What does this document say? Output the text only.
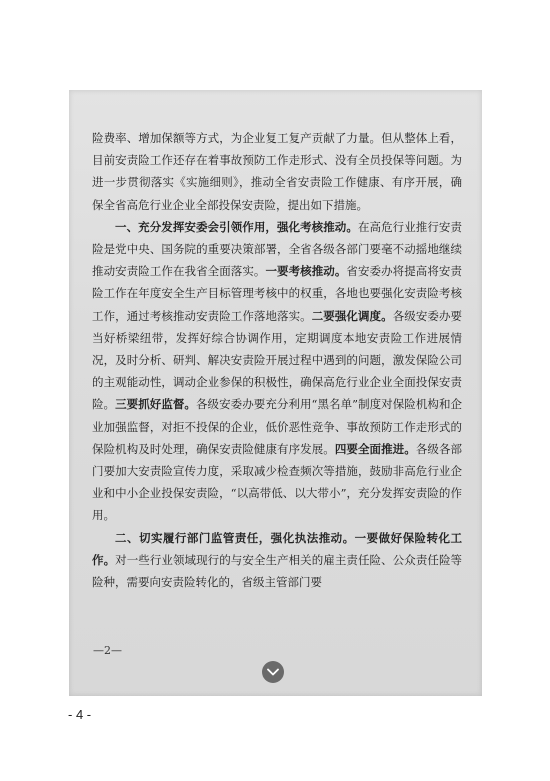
险费率、增加保额等方式，为企业复工复产贡献了力量。但从整体上看，目前安责险工作还存在着事故预防工作走形式、没有全员投保等问题。为进一步贯彻落实《实施细则》，推动全省安责险工作健康、有序开展，确保全省高危行业企业全部投保安责险，提出如下措施。

一、充分发挥安委会引领作用，强化考核推动。在高危行业推行安责险是党中央、国务院的重要决策部署，全省各级各部门要毫不动摇地继续推动安责险工作在我省全面落实。一要考核推动。省安委办将提高将安责险工作在年度安全生产目标管理考核中的权重，各地也要强化安责险考核工作，通过考核推动安责险工作落地落实。二要强化调度。各级安委办要当好桥梁纽带，发挥好综合协调作用，定期调度本地安责险工作进展情况，及时分析、研判、解决安责险开展过程中遇到的问题，激发保险公司的主观能动性，调动企业参保的积极性，确保高危行业企业全面投保安责险。三要抓好监督。各级安委办要充分利用“黑名单”制度对保险机构和企业加强监督，对拒不投保的企业，低价恶性竞争、事故预防工作走形式的保险机构及时处理，确保安责险健康有序发展。四要全面推进。各级各部门要加大安责险宣传力度，采取减少检查频次等措施，鼓励非高危行业企业和中小企业投保安责险，“以高带低、以大带小”，充分发挥安责险的作用。

二、切实履行部门监管责任，强化执法推动。一要做好保险转化工作。对一些行业领域现行的与安全生产相关的雇主责任险、公众责任险等险种，需要向安责险转化的，省级主管部门要

—2—
- 4 -
